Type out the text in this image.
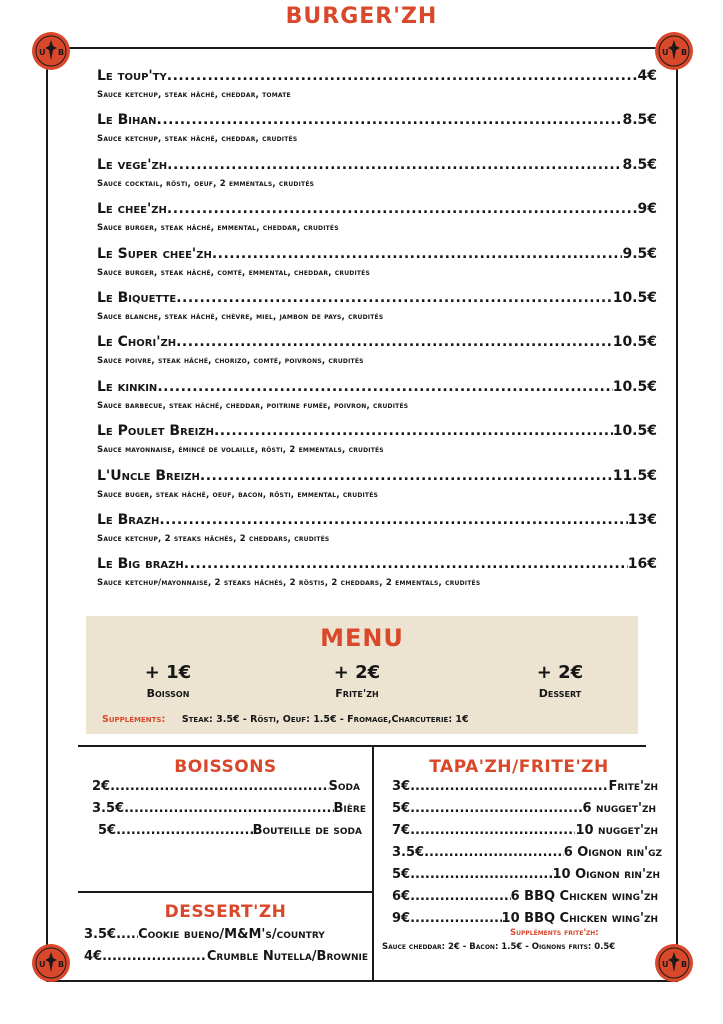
BURGER'ZH
U B	U B
U B	U B
Le toup'ty .....	4€
Sauce ketchup, steak hâché, cheddar, tomate
Le Bihan .....	8.5€
Sauce ketchup, steak hâché, cheddar, crudités
Le vege'zh .....	8.5€
Sauce cocktail, rösti, oeuf, 2 emmentals, crudités
Le chee'zh .....	9€
Sauce burger, steak hâché, emmental, cheddar, crudités
Le Super chee'zh .....	9.5€
Sauce burger, steak hâché, comté, emmental, cheddar, crudités
Le Biquette .....	10.5€
Sauce blanche, steak hâché, chèvre, miel, jambon de pays, crudités
Le Chori'zh .....	10.5€
Sauce poivre, steak hâché, chorizo, comté, poivrons, crudités
Le kinkin .....	10.5€
Sauce barbecue, steak hâché, cheddar, poitrine fumée, poivron, crudités
Le Poulet Breizh .....	10.5€
Sauce mayonnaise, émincé de volaille, rösti, 2 emmentals, crudités
L'Uncle Breizh .....	11.5€
Sauce buger, steak hâché, oeuf, bacon, rösti, emmental, crudités
Le Brazh .....	13€
Sauce ketchup, 2 steaks hâchés, 2 cheddars, crudités
Le Big brazh .....	16€
Sauce ketchup/mayonnaise, 2 steaks hâchés, 2 röstis, 2 cheddars, 2 emmentals, crudités
MENU
+ 1€
Boisson
+ 2€
Frite'zh
+ 2€
Dessert
Suppléments: Steak: 3.5€ - Rösti, Oeuf: 1.5€ - Fromage,Charcuterie: 1€
BOISSONS
2€ .....	Soda
3.5€ .....	Bière
5€ .....	Bouteille de soda
DESSERT'ZH
3.5€ ..... Cookie bueno/M&M's/country
4€ .....	Crumble Nutella/Brownie
TAPA'ZH/FRITE'ZH
3€ .....	Frite'zh
5€ .....	6 nugget'zh
7€ .....	10 nugget'zh
3.5€ .....	6 Oignon rin'gz
5€ .....	10 Oignon rin'zh
6€ .....	6 BBQ Chicken wing'zh
9€ .....	10 BBQ Chicken wing'zh
Suppléments frite'zh:
Sauce cheddar: 2€ - Bacon: 1.5€ - Oignons frits: 0.5€
